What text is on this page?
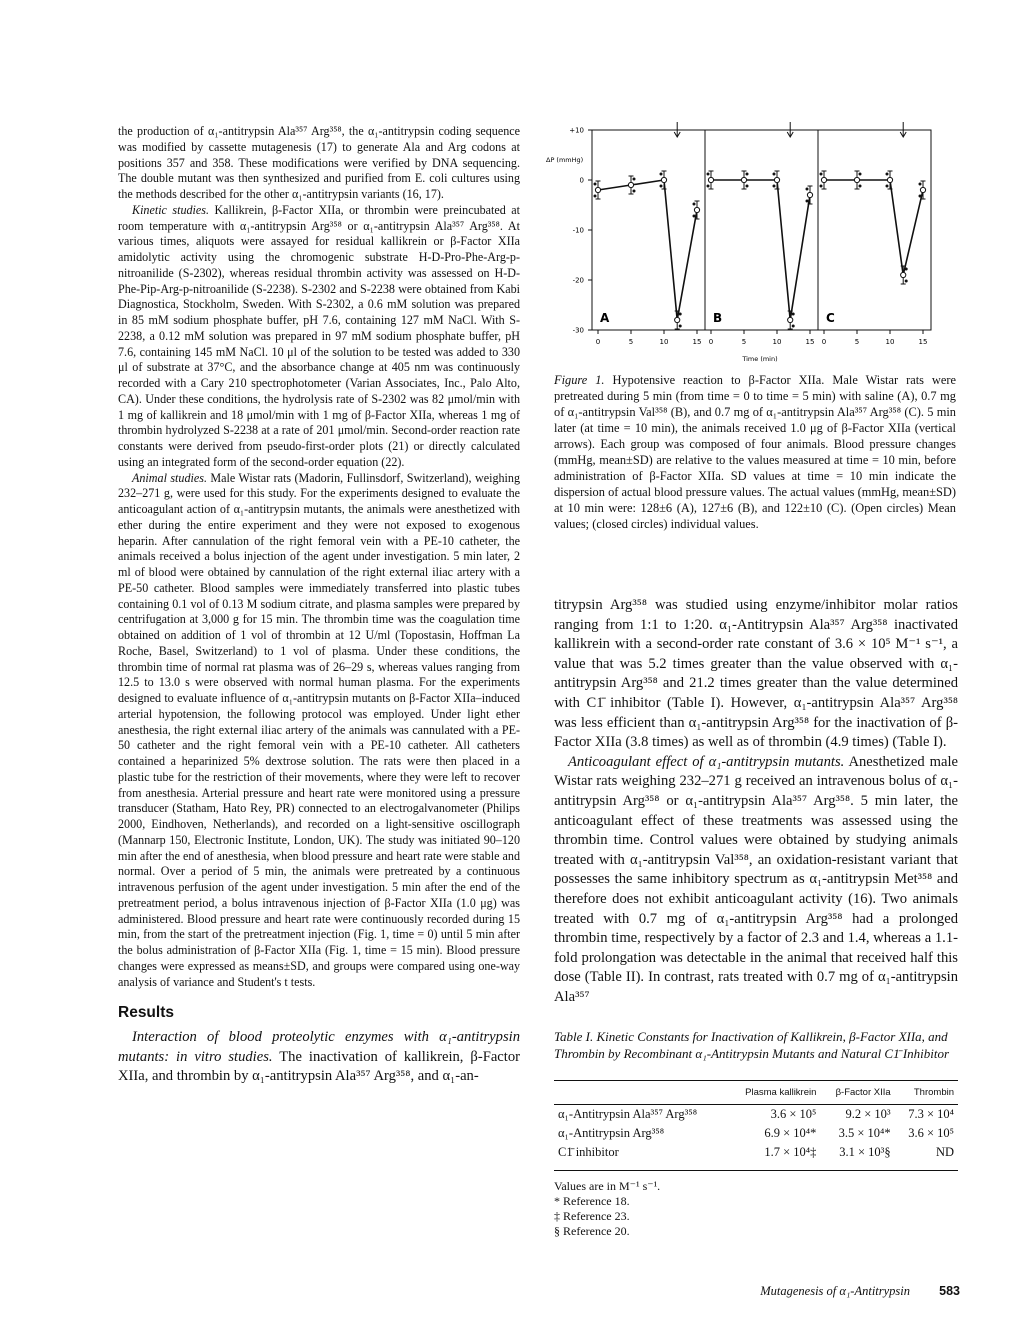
the production of α₁-antitrypsin Ala³⁵⁷ Arg³⁵⁸, the α₁-antitrypsin coding sequence was modified by cassette mutagenesis (17) to generate Ala and Arg codons at positions 357 and 358. These modifications were verified by DNA sequencing. The double mutant was then synthesized and purified from E. coli cultures using the methods described for the other α₁-antitrypsin variants (16, 17).

Kinetic studies. Kallikrein, β-Factor XIIa, or thrombin were preincubated at room temperature with α₁-antitrypsin Arg³⁵⁸ or α₁-antitrypsin Ala³⁵⁷ Arg³⁵⁸. At various times, aliquots were assayed for residual kallikrein or β-Factor XIIa amidolytic activity using the chromogenic substrate H-D-Pro-Phe-Arg-p-nitroanilide (S-2302), whereas residual thrombin activity was assessed on H-D-Phe-Pip-Arg-p-nitroanilide (S-2238). S-2302 and S-2238 were obtained from Kabi Diagnostica, Stockholm, Sweden. With S-2302, a 0.6 mM solution was prepared in 85 mM sodium phosphate buffer, pH 7.6, containing 127 mM NaCl. With S-2238, a 0.12 mM solution was prepared in 97 mM sodium phosphate buffer, pH 7.6, containing 145 mM NaCl. 10 μl of the solution to be tested was added to 330 μl of substrate at 37°C, and the absorbance change at 405 nm was continuously recorded with a Cary 210 spectrophotometer (Varian Associates, Inc., Palo Alto, CA). Under these conditions, the hydrolysis rate of S-2302 was 82 μmol/min with 1 mg of kallikrein and 18 μmol/min with 1 mg of β-Factor XIIa, whereas 1 mg of thrombin hydrolyzed S-2238 at a rate of 201 μmol/min. Second-order reaction rate constants were derived from pseudo-first-order plots (21) or directly calculated using an integrated form of the second-order equation (22).

Animal studies. Male Wistar rats (Madorin, Fullinsdorf, Switzerland), weighing 232–271 g, were used for this study. For the experiments designed to evaluate the anticoagulant action of α₁-antitrypsin mutants, the animals were anesthetized with ether during the entire experiment and they were not exposed to exogenous heparin. After cannulation of the right femoral vein with a PE-10 catheter, the animals received a bolus injection of the agent under investigation. 5 min later, 2 ml of blood were obtained by cannulation of the right external iliac artery with a PE-50 catheter. Blood samples were immediately transferred into plastic tubes containing 0.1 vol of 0.13 M sodium citrate, and plasma samples were prepared by centrifugation at 3,000 g for 15 min. The thrombin time was the coagulation time obtained on addition of 1 vol of thrombin at 12 U/ml (Topostasin, Hoffman La Roche, Basel, Switzerland) to 1 vol of plasma. Under these conditions, the thrombin time of normal rat plasma was of 26–29 s, whereas values ranging from 12.5 to 13.0 s were observed with normal human plasma. For the experiments designed to evaluate influence of α₁-antitrypsin mutants on β-Factor XIIa–induced arterial hypotension, the following protocol was employed. Under light ether anesthesia, the right external iliac artery of the animals was cannulated with a PE-50 catheter and the right femoral vein with a PE-10 catheter. All catheters contained a heparinized 5% dextrose solution. The rats were then placed in a plastic tube for the restriction of their movements, where they were left to recover from anesthesia. Arterial pressure and heart rate were monitored using a pressure transducer (Statham, Hato Rey, PR) connected to an electrogalvanometer (Philips 2000, Eindhoven, Netherlands), and recorded on a light-sensitive oscillograph (Mannarp 150, Electronic Institute, London, UK). The study was initiated 90–120 min after the end of anesthesia, when blood pressure and heart rate were stable and normal. Over a period of 5 min, the animals were pretreated by a continuous intravenous perfusion of the agent under investigation. 5 min after the end of the pretreatment period, a bolus intravenous injection of β-Factor XIIa (1.0 μg) was administered. Blood pressure and heart rate were continuously recorded during 15 min, from the start of the pretreatment injection (Fig. 1, time = 0) until 5 min after the bolus administration of β-Factor XIIa (Fig. 1, time = 15 min). Blood pressure changes were expressed as means±SD, and groups were compared using one-way analysis of variance and Student's t tests.

Results

Interaction of blood proteolytic enzymes with α₁-antitrypsin mutants: in vitro studies. The inactivation of kallikrein, β-Factor XIIa, and thrombin by α₁-antitrypsin Ala³⁵⁷ Arg³⁵⁸, and α₁-an-

ΔP (mmHg)
Time (min)
+10
0
-10
-20
-30
0	5	10	15
A
0	5	10	15
B
0	5	10	15
C

Figure 1. Hypotensive reaction to β-Factor XIIa. Male Wistar rats were pretreated during 5 min (from time = 0 to time = 5 min) with saline (A), 0.7 mg of α₁-antitrypsin Val³⁵⁸ (B), and 0.7 mg of α₁-antitrypsin Ala³⁵⁷ Arg³⁵⁸ (C). 5 min later (at time = 10 min), the animals received 1.0 μg of β-Factor XIIa (vertical arrows). Each group was composed of four animals. Blood pressure changes (mmHg, mean±SD) are relative to the values measured at time = 10 min, before administration of β-Factor XIIa. SD values at time = 10 min indicate the dispersion of actual blood pressure values. The actual values (mmHg, mean±SD) at 10 min were: 128±6 (A), 127±6 (B), and 122±10 (C). (Open circles) Mean values; (closed circles) individual values.

titrypsin Arg³⁵⁸ was studied using enzyme/inhibitor molar ratios ranging from 1:1 to 1:20. α₁-Antitrypsin Ala³⁵⁷ Arg³⁵⁸ inactivated kallikrein with a second-order rate constant of 3.6 × 10⁵ M⁻¹ s⁻¹, a value that was 5.2 times greater than the value observed with α₁-antitrypsin Arg³⁵⁸ and 21.2 times greater than the value determined with C1̄ inhibitor (Table I). However, α₁-antitrypsin Ala³⁵⁷ Arg³⁵⁸ was less efficient than α₁-antitrypsin Arg³⁵⁸ for the inactivation of β-Factor XIIa (3.8 times) as well as of thrombin (4.9 times) (Table I).

Anticoagulant effect of α₁-antitrypsin mutants. Anesthetized male Wistar rats weighing 232–271 g received an intravenous bolus of α₁-antitrypsin Arg³⁵⁸ or α₁-antitrypsin Ala³⁵⁷ Arg³⁵⁸. 5 min later, the anticoagulant effect of these treatments was assessed using the thrombin time. Control values were obtained by studying animals treated with α₁-antitrypsin Val³⁵⁸, an oxidation-resistant variant that possesses the same inhibitory spectrum as α₁-antitrypsin Met³⁵⁸ and therefore does not exhibit anticoagulant activity (16). Two animals treated with 0.7 mg of α₁-antitrypsin Arg³⁵⁸ had a prolonged thrombin time, respectively by a factor of 2.3 and 1.4, whereas a 1.1-fold prolongation was detectable in the animal that received half this dose (Table II). In contrast, rats treated with 0.7 mg of α₁-antitrypsin Ala³⁵⁷

Table I. Kinetic Constants for Inactivation of Kallikrein, β-Factor XIIa, and Thrombin by Recombinant α₁-Antitrypsin Mutants and Natural C1̄ Inhibitor
	Plasma kallikrein	β-Factor XIIa	Thrombin
α₁-Antitrypsin Ala³⁵⁷ Arg³⁵⁸	3.6 × 10⁵	9.2 × 10³	7.3 × 10⁴
α₁-Antitrypsin Arg³⁵⁸	6.9 × 10⁴*	3.5 × 10⁴*	3.6 × 10⁵
C1̄ inhibitor	1.7 × 10⁴‡	3.1 × 10³§	ND
Values are in M⁻¹ s⁻¹.
* Reference 18.
‡ Reference 23.
§ Reference 20.
Mutagenesis of α₁-Antitrypsin 583
